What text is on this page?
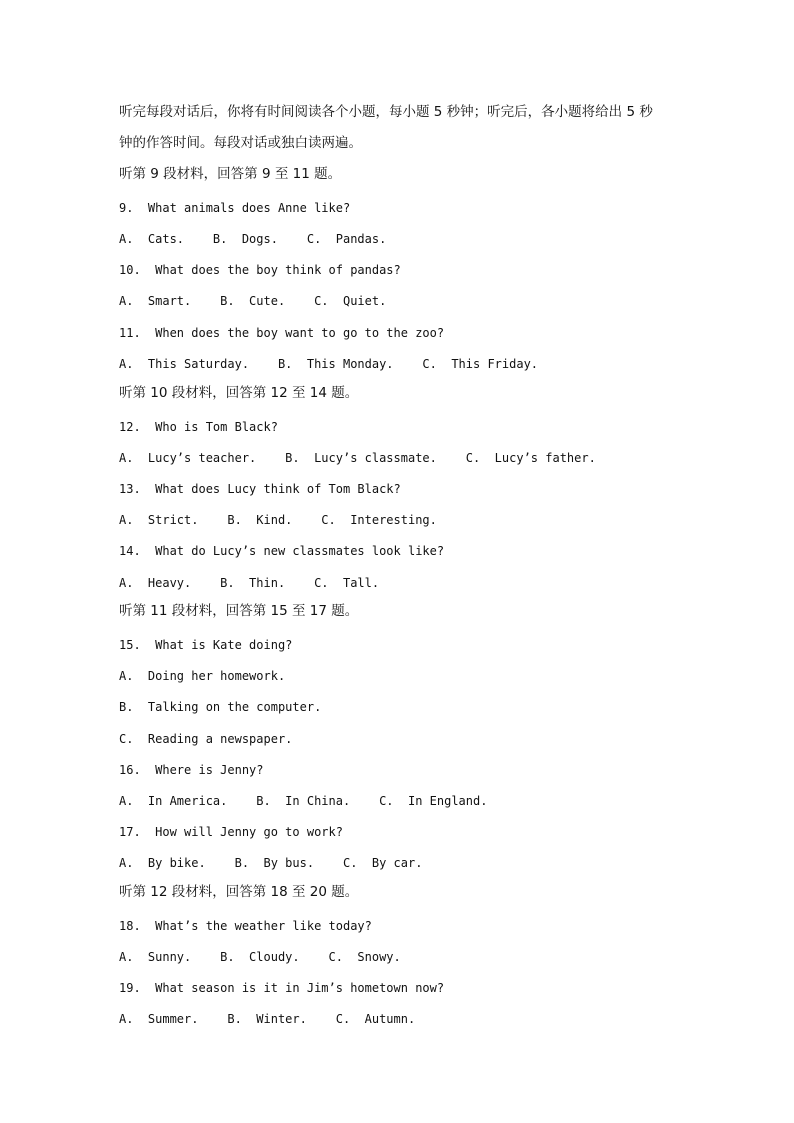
听完每段对话后，你将有时间阅读各个小题，每小题 5 秒钟；听完后，各小题将给出 5 秒
钟的作答时间。每段对话或独白读两遍。
听第 9 段材料，回答第 9 至 11 题。
9.  What animals does Anne like?
A.  Cats.    B.  Dogs.    C.  Pandas.
10.  What does the boy think of pandas?
A.  Smart.    B.  Cute.    C.  Quiet.
11.  When does the boy want to go to the zoo?
A.  This Saturday.    B.  This Monday.    C.  This Friday.
听第 10 段材料，回答第 12 至 14 题。
12.  Who is Tom Black?
A.  Lucy’s teacher.    B.  Lucy’s classmate.    C.  Lucy’s father.
13.  What does Lucy think of Tom Black?
A.  Strict.    B.  Kind.    C.  Interesting.
14.  What do Lucy’s new classmates look like?
A.  Heavy.    B.  Thin.    C.  Tall.
听第 11 段材料，回答第 15 至 17 题。
15.  What is Kate doing?
A.  Doing her homework.
B.  Talking on the computer.
C.  Reading a newspaper.
16.  Where is Jenny?
A.  In America.    B.  In China.    C.  In England.
17.  How will Jenny go to work?
A.  By bike.    B.  By bus.    C.  By car.
听第 12 段材料，回答第 18 至 20 题。
18.  What’s the weather like today?
A.  Sunny.    B.  Cloudy.    C.  Snowy.
19.  What season is it in Jim’s hometown now?
A.  Summer.    B.  Winter.    C.  Autumn.
